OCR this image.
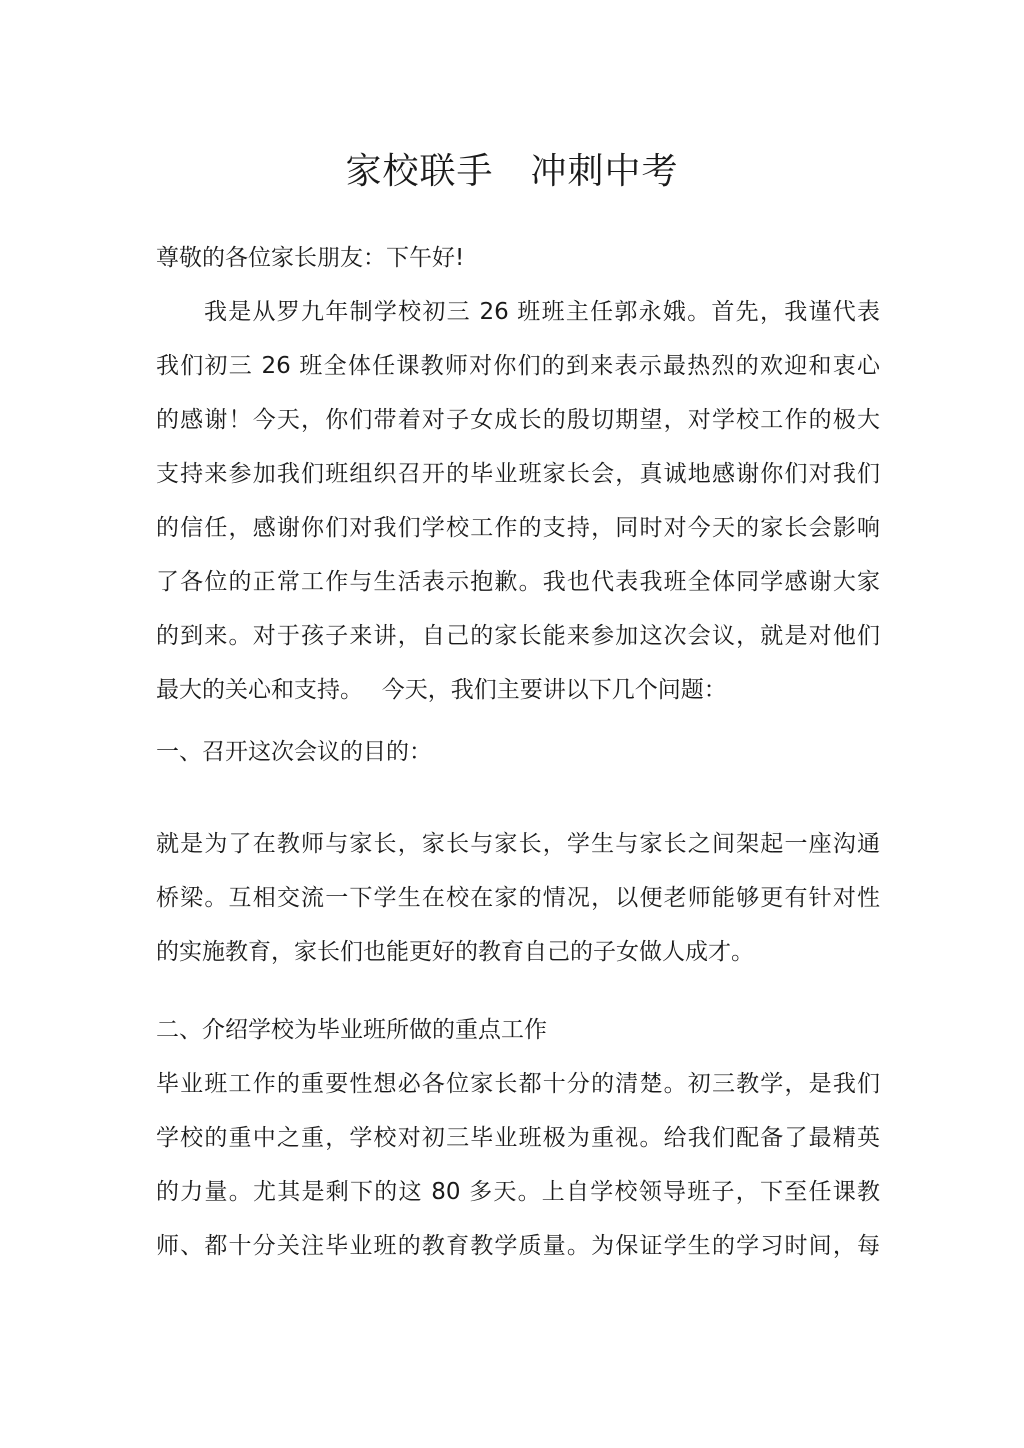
家校联手　冲刺中考

尊敬的各位家长朋友：下午好!

我是从罗九年制学校初三 26 班班主任郭永娥。首先，我谨代表

我们初三 26 班全体任课教师对你们的到来表示最热烈的欢迎和衷心

的感谢！今天，你们带着对子女成长的殷切期望，对学校工作的极大

支持来参加我们班组织召开的毕业班家长会，真诚地感谢你们对我们

的信任，感谢你们对我们学校工作的支持，同时对今天的家长会影响

了各位的正常工作与生活表示抱歉。我也代表我班全体同学感谢大家

的到来。对于孩子来讲，自己的家长能来参加这次会议，就是对他们

最大的关心和支持。　 今天，我们主要讲以下几个问题：

一、召开这次会议的目的：

就是为了在教师与家长，家长与家长，学生与家长之间架起一座沟通

桥梁。互相交流一下学生在校在家的情况，以便老师能够更有针对性

的实施教育，家长们也能更好的教育自己的子女做人成才。

二、介绍学校为毕业班所做的重点工作

毕业班工作的重要性想必各位家长都十分的清楚。初三教学，是我们

学校的重中之重，学校对初三毕业班极为重视。给我们配备了最精英

的力量。尤其是剩下的这 80 多天。上自学校领导班子，下至任课教

师、都十分关注毕业班的教育教学质量。为保证学生的学习时间，每
